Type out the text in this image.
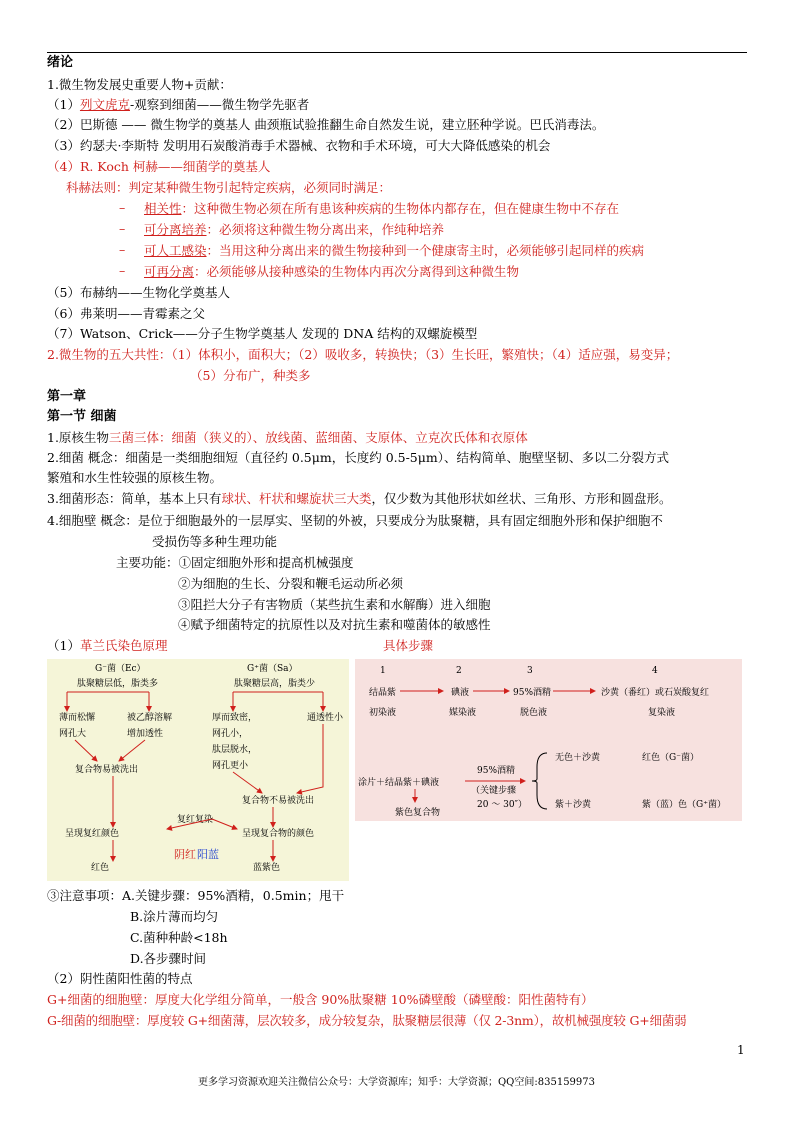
绪论
1.微生物发展史重要人物+贡献：
（1）列文虎克-观察到细菌——微生物学先驱者
（2）巴斯德 —— 微生物学的奠基人 曲颈瓶试验推翻生命自然发生说，建立胚种学说。巴氏消毒法。
（3）约瑟夫·李斯特 发明用石炭酸消毒手术器械、衣物和手术环境，可大大降低感染的机会
（4）R. Koch 柯赫——细菌学的奠基人
科赫法则：判定某种微生物引起特定疾病，必须同时满足：
– 相关性：这种微生物必须在所有患该种疾病的生物体内都存在，但在健康生物中不存在
– 可分离培养：必须将这种微生物分离出来，作纯种培养
– 可人工感染：当用这种分离出来的微生物接种到一个健康寄主时，必须能够引起同样的疾病
– 可再分离：必须能够从接种感染的生物体内再次分离得到这种微生物
（5）布赫纳——生物化学奠基人
（6）弗莱明——青霉素之父
（7）Watson、Crick——分子生物学奠基人 发现的 DNA 结构的双螺旋模型
2.微生物的五大共性：（1）体积小，面积大；（2）吸收多，转换快；（3）生长旺，繁殖快；（4）适应强，易变异；
（5）分布广，种类多
第一章
第一节 细菌
1.原核生物三菌三体：细菌（狭义的）、放线菌、蓝细菌、支原体、立克次氏体和衣原体
2.细菌 概念：细菌是一类细胞细短（直径约 0.5μm，长度约 0.5-5μm）、结构简单、胞壁坚韧、多以二分裂方式
繁殖和水生性较强的原核生物。
3.细菌形态：简单，基本上只有球状、杆状和螺旋状三大类，仅少数为其他形状如丝状、三角形、方形和圆盘形。
4.细胞壁 概念：是位于细胞最外的一层厚实、坚韧的外被，只要成分为肽聚糖，具有固定细胞外形和保护细胞不
受损伤等多种生理功能
主要功能：①固定细胞外形和提高机械强度
②为细胞的生长、分裂和鞭毛运动所必须
③阻拦大分子有害物质（某些抗生素和水解酶）进入细胞
④赋予细菌特定的抗原性以及对抗生素和噬菌体的敏感性
（1）革兰氏染色原理	具体步骤
G⁻菌（Ec）	G⁺菌（Sa）
肽聚糖层低，脂类多	肽聚糖层高，脂类少
薄而松懈
网孔大
被乙醇溶解
增加透性
厚而致密，
网孔小，
肽层脱水，
网孔更小
通透性小
复合物易被洗出
复合物不易被洗出
复红复染
呈现复红颜色	呈现复合物的颜色
红色	蓝紫色
阴红 阳蓝
1	2	3	4
结晶紫	碘液	95%酒精	沙黄（番红）或石炭酸复红
初染液	媒染液	脱色液	复染液
涂片＋结晶紫＋碘液
95%酒精
（关键步骤
20 ～ 30″）
紫色复合物
无色＋沙黄
紫＋沙黄
红色（G⁻菌）
紫（蓝）色（G⁺菌）
③注意事项：A.关键步骤：95%酒精，0.5min；甩干
B.涂片薄而均匀
C.菌种种龄<18h
D.各步骤时间
（2）阴性菌阳性菌的特点
G+细菌的细胞壁：厚度大化学组分简单，一般含 90%肽聚糖 10%磷壁酸（磷壁酸：阳性菌特有）
G-细菌的细胞壁：厚度较 G+细菌薄，层次较多，成分较复杂，肽聚糖层很薄（仅 2-3nm），故机械强度较 G+细菌弱
1
更多学习资源欢迎关注微信公众号：大学资源库；知乎：大学资源；QQ空间:835159973
